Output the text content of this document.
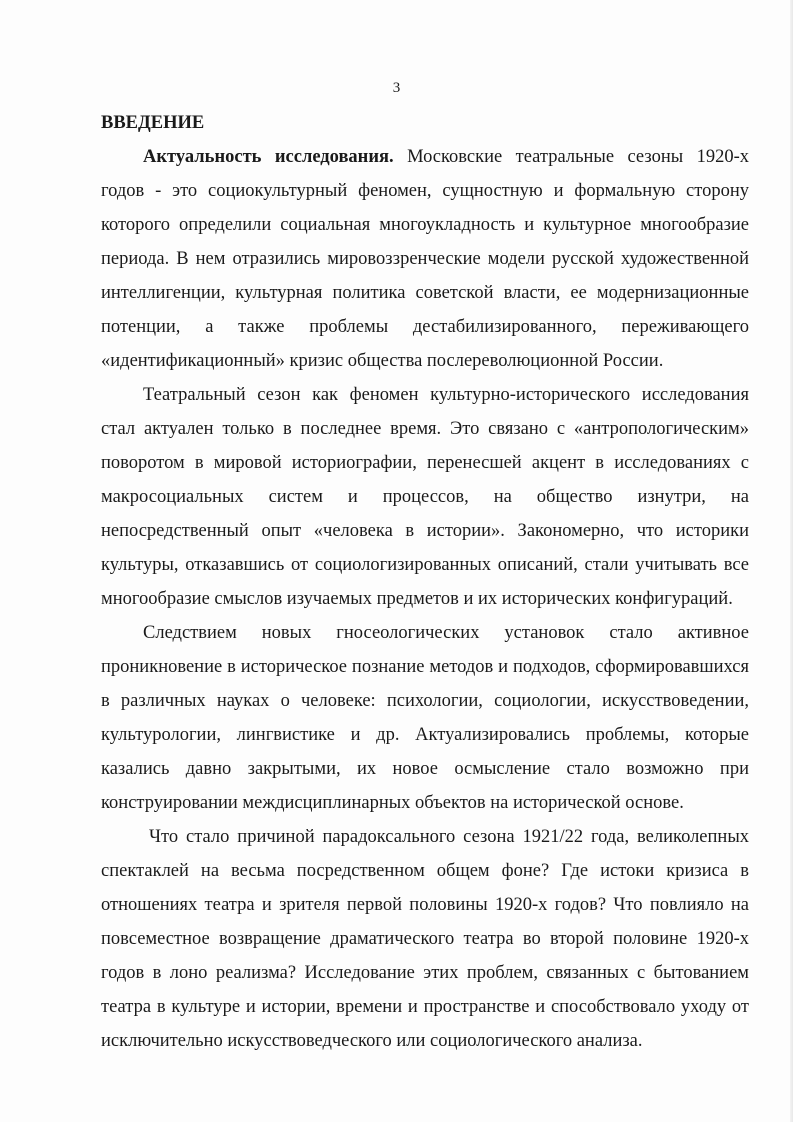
3

ВВЕДЕНИЕ

Актуальность исследования. Московские театральные сезоны 1920-х годов - это социокультурный феномен, сущностную и формальную сторону которого определили социальная многоукладность и культурное многообразие периода. В нем отразились мировоззренческие модели русской художественной интеллигенции, культурная политика советской власти, ее модернизационные потенции, а также проблемы дестабилизированного, переживающего «идентификационный» кризис общества послереволюционной России.

Театральный сезон как феномен культурно-исторического исследования стал актуален только в последнее время. Это связано с «антропологическим» поворотом в мировой историографии, перенесшей акцент в исследованиях с макросоциальных систем и процессов, на общество изнутри, на непосредственный опыт «человека в истории». Закономерно, что историки культуры, отказавшись от социологизированных описаний, стали учитывать все многообразие смыслов изучаемых предметов и их исторических конфигураций.

Следствием новых гносеологических установок стало активное проникновение в историческое познание методов и подходов, сформировавшихся в различных науках о человеке: психологии, социологии, искусствоведении, культурологии, лингвистике и др. Актуализировались проблемы, которые казались давно закрытыми, их новое осмысление стало возможно при конструировании междисциплинарных объектов на исторической основе.

Что стало причиной парадоксального сезона 1921/22 года, великолепных спектаклей на весьма посредственном общем фоне? Где истоки кризиса в отношениях театра и зрителя первой половины 1920-х годов? Что повлияло на повсеместное возвращение драматического театра во второй половине 1920-х годов в лоно реализма? Исследование этих проблем, связанных с бытованием театра в культуре и истории, времени и пространстве и способствовало уходу от исключительно искусствоведческого или социологического анализа.
